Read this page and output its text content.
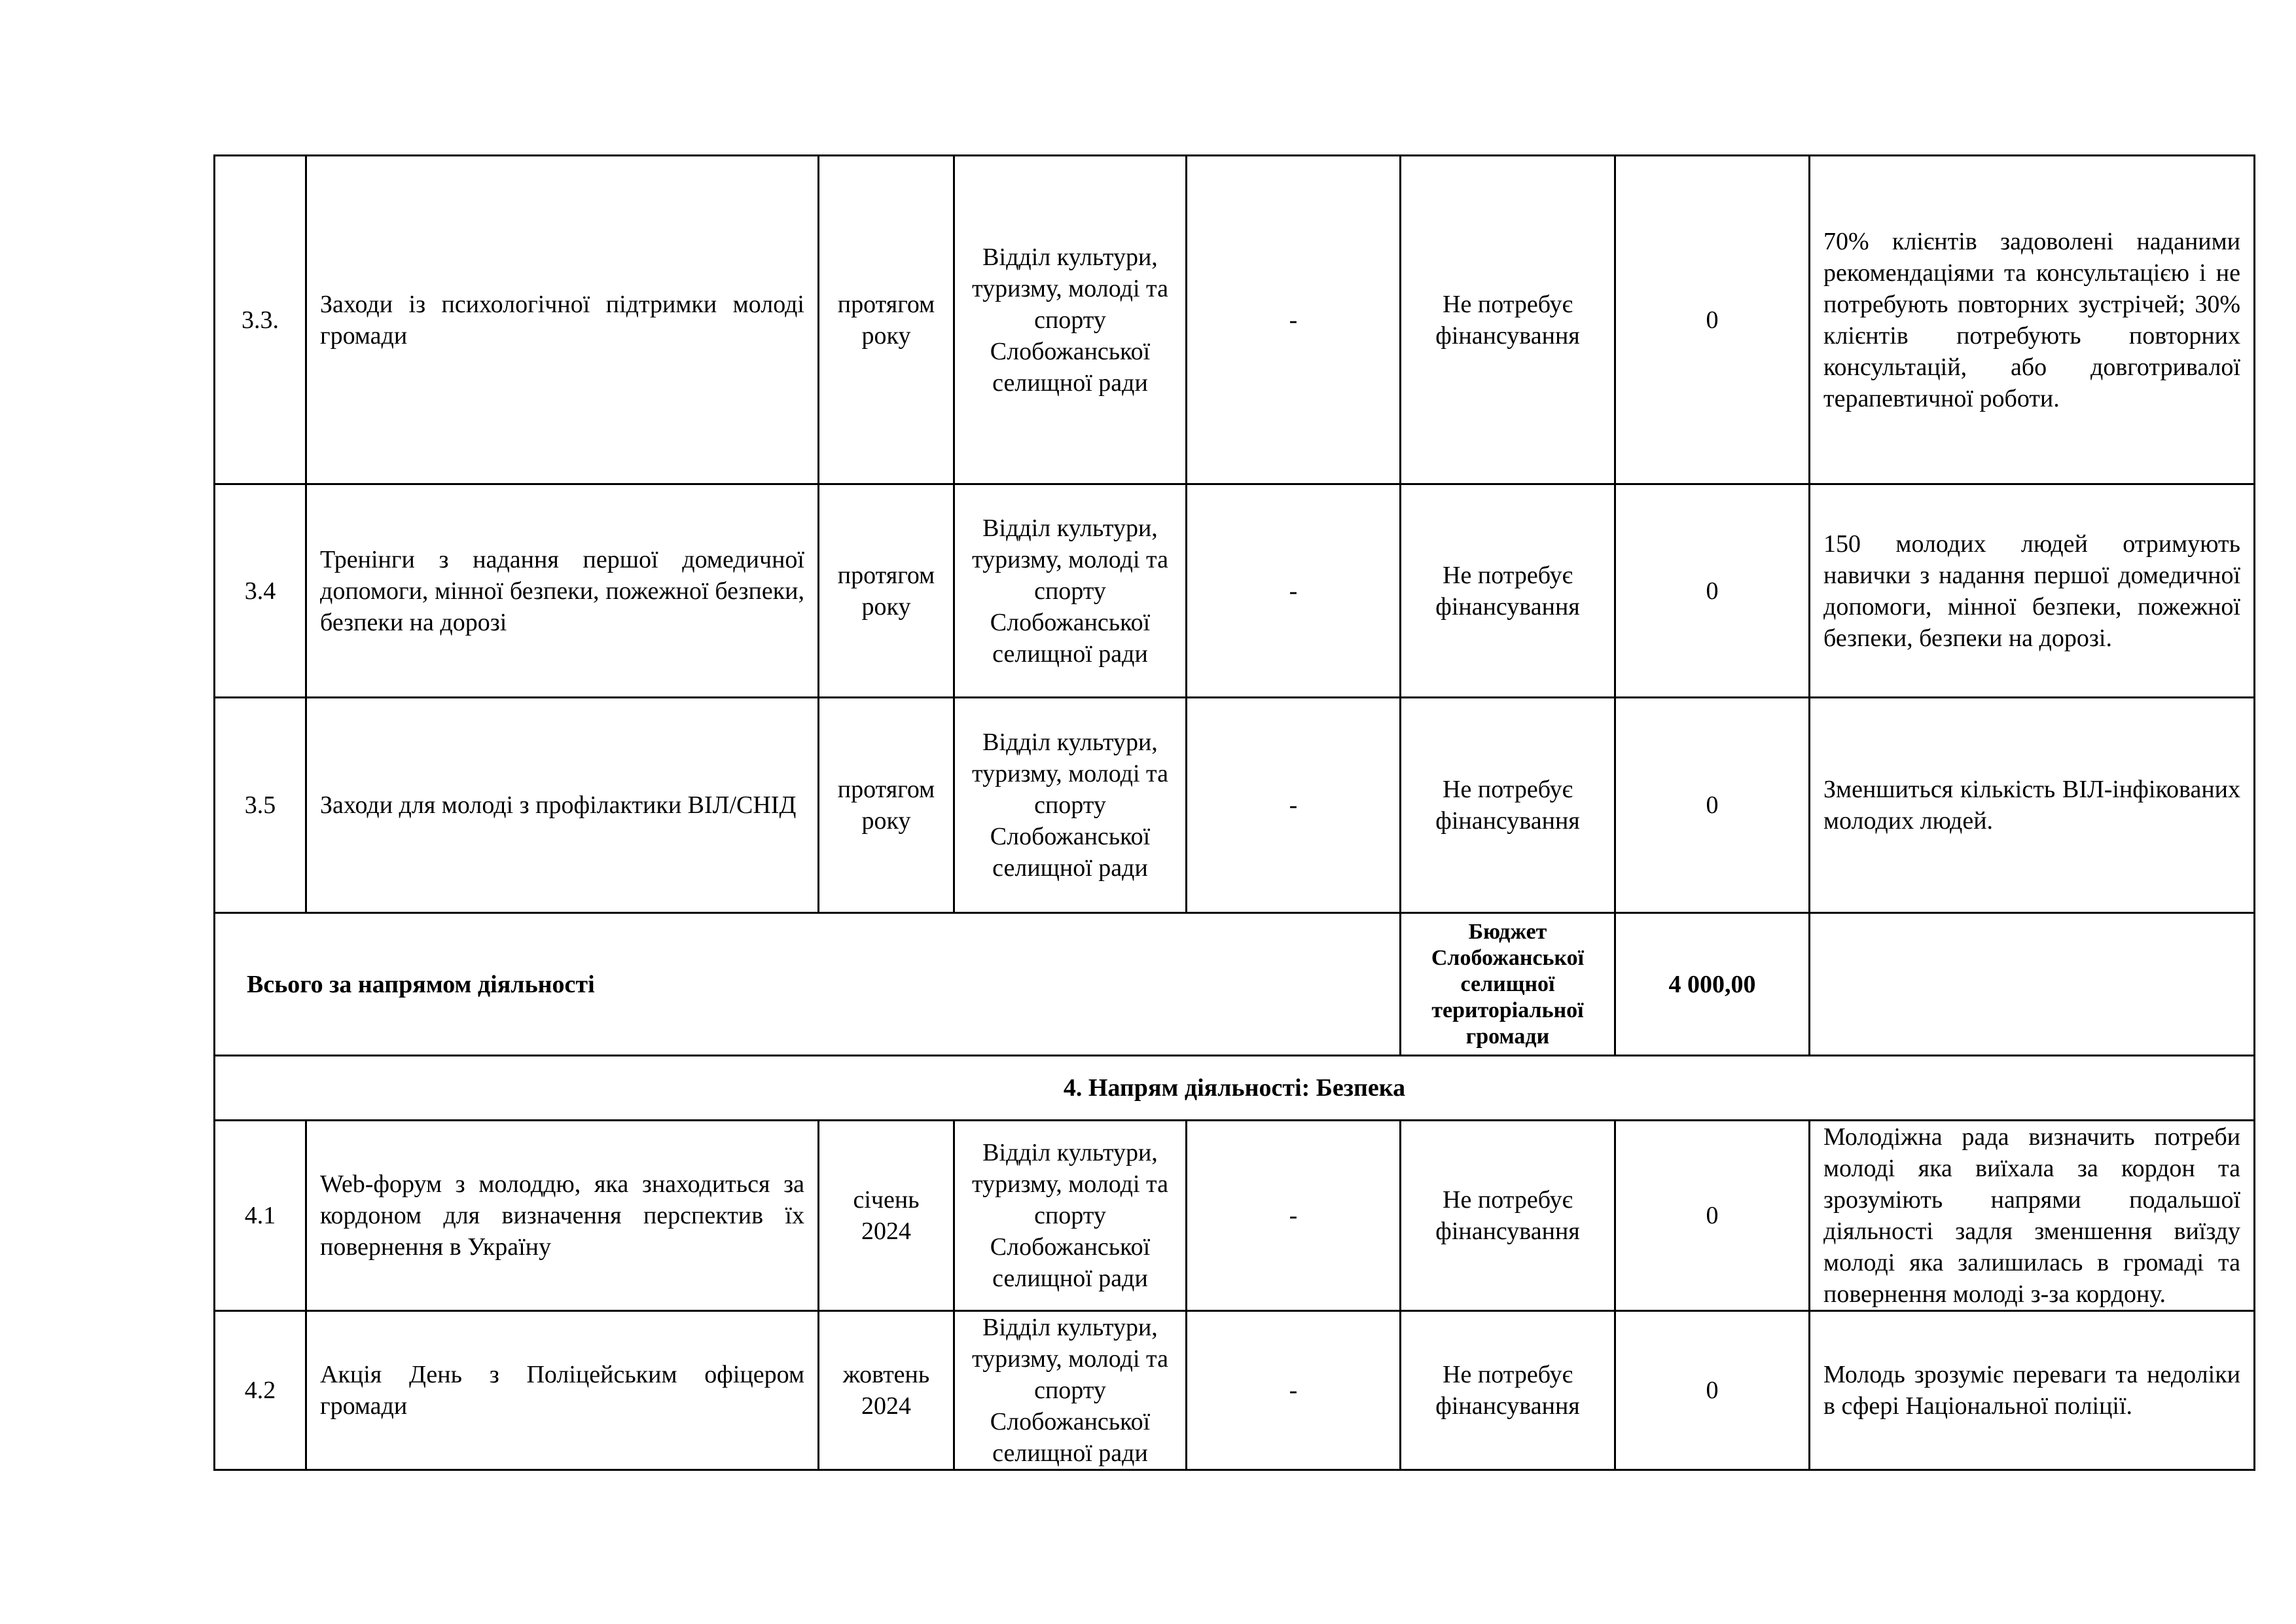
3.3.	Заходи із психологічної підтримки молоді громади	протягом року	Відділ культури, туризму, молоді та спорту Слобожанської селищної ради	-	Не потребує фінансування	0	70% клієнтів задоволені наданими рекомендаціями та консультацією і не потребують повторних зустрічей; 30% клієнтів потребують повторних консультацій, або довготривалої терапевтичної роботи.
3.4	Тренінги з надання першої домедичної допомоги, мінної безпеки, пожежної безпеки, безпеки на дорозі	протягом року	Відділ культури, туризму, молоді та спорту Слобожанської селищної ради	-	Не потребує фінансування	0	150 молодих людей отримують навички з надання першої домедичної допомоги, мінної безпеки, пожежної безпеки, безпеки на дорозі.
3.5	Заходи для молоді з профілактики ВІЛ/СНІД	протягом року	Відділ культури, туризму, молоді та спорту Слобожанської селищної ради	-	Не потребує фінансування	0	Зменшиться кількість ВІЛ-інфікованих молодих людей.
Всього за напрямом діяльності					Бюджет Слобожанської селищної територіальної громади	4 000,00	
4. Напрям діяльності: Безпека							
4.1	Web-форум з молоддю, яка знаходиться за кордоном для визначення перспектив їх повернення в Україну	січень 2024	Відділ культури, туризму, молоді та спорту Слобожанської селищної ради	-	Не потребує фінансування	0	Молодіжна рада визначить потреби молоді яка виїхала за кордон та зрозуміють напрями подальшої діяльності задля зменшення виїзду молоді яка залишилась в громаді та повернення молоді з-за кордону.
4.2	Акція День з Поліцейським офіцером громади	жовтень 2024	Відділ культури, туризму, молоді та спорту Слобожанської селищної ради	-	Не потребує фінансування	0	Молодь зрозуміє переваги та недоліки в сфері Національної поліції.
